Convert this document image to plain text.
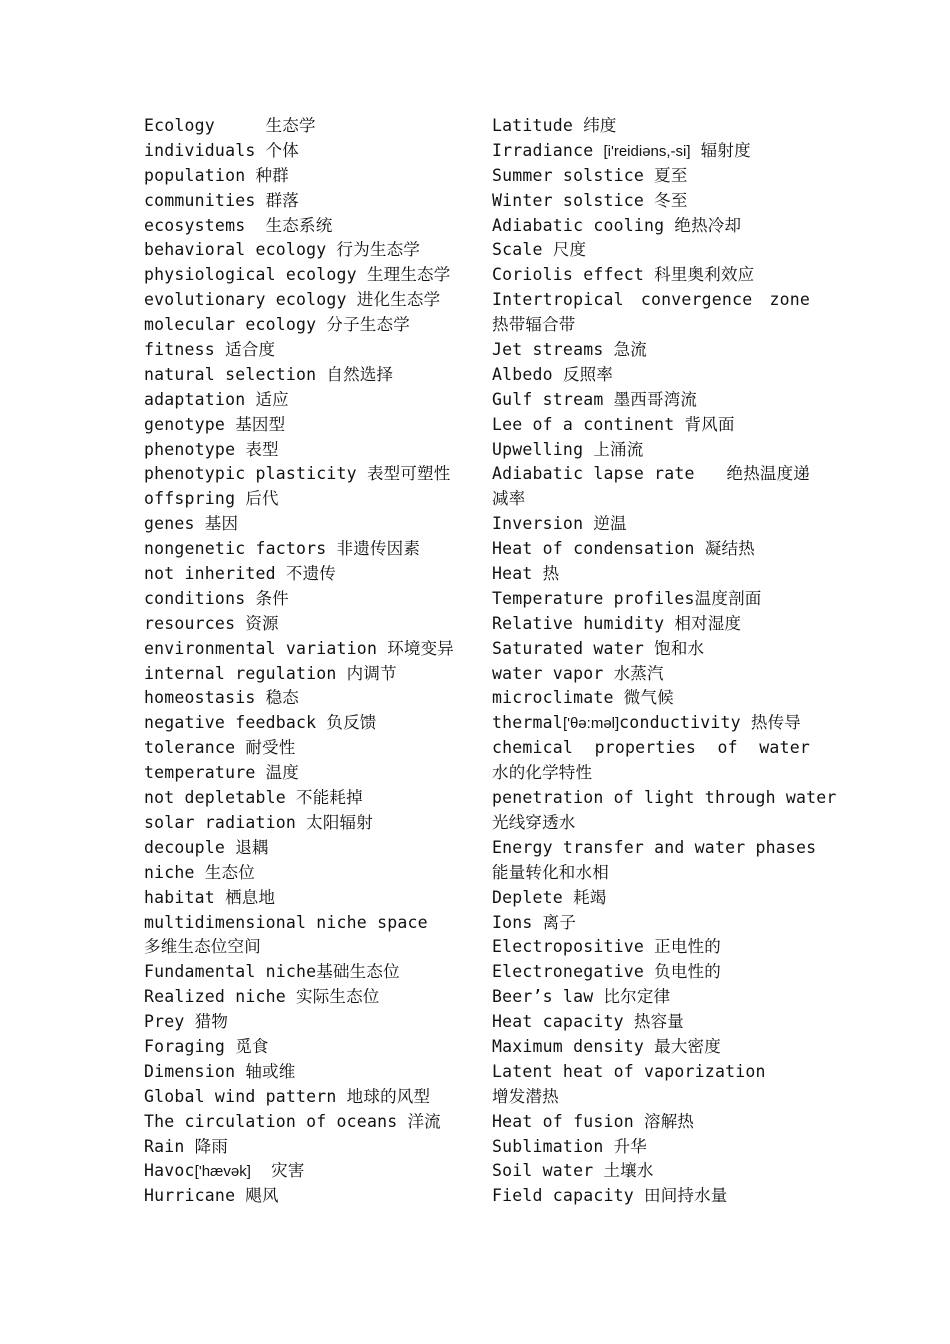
Ecology     生态学
individuals 个体
population 种群
communities 群落
ecosystems  生态系统
behavioral ecology 行为生态学
physiological ecology 生理生态学
evolutionary ecology 进化生态学
molecular ecology 分子生态学
fitness 适合度
natural selection 自然选择
adaptation 适应
genotype 基因型
phenotype 表型
phenotypic plasticity 表型可塑性
offspring 后代
genes 基因
nongenetic factors 非遗传因素
not inherited 不遗传
conditions 条件
resources 资源
environmental variation 环境变异
internal regulation 内调节
homeostasis 稳态
negative feedback 负反馈
tolerance 耐受性
temperature 温度
not depletable 不能耗掉
solar radiation 太阳辐射
decouple 退耦
niche 生态位
habitat 栖息地
multidimensional niche space
多维生态位空间
Fundamental niche基础生态位
Realized niche 实际生态位
Prey 猎物
Foraging 觅食
Dimension 轴或维
Global wind pattern 地球的风型
The circulation of oceans 洋流
Rain 降雨
Havoc['hævək]  灾害
Hurricane 飓风
Latitude 纬度
Irradiance [i'reidiəns,-si] 辐射度
Summer solstice 夏至
Winter solstice 冬至
Adiabatic cooling 绝热冷却
Scale 尺度
Coriolis effect 科里奥利效应
Intertropical convergence zone
热带辐合带
Jet streams 急流
Albedo 反照率
Gulf stream 墨西哥湾流
Lee of a continent 背风面
Upwelling 上涌流
Adiabatic lapse rate 绝热温度递
减率
Inversion 逆温
Heat of condensation 凝结热
Heat 热
Temperature profiles温度剖面
Relative humidity 相对湿度
Saturated water 饱和水
water vapor 水蒸汽
microclimate 微气候
thermal['θə:məl]conductivity 热传导
chemical properties of water
水的化学特性
penetration of light through water
光线穿透水
Energy transfer and water phases
能量转化和水相
Deplete 耗竭
Ions 离子
Electropositive 正电性的
Electronegative 负电性的
Beer’s law 比尔定律
Heat capacity 热容量
Maximum density 最大密度
Latent heat of vaporization
增发潜热
Heat of fusion 溶解热
Sublimation 升华
Soil water 土壤水
Field capacity 田间持水量
